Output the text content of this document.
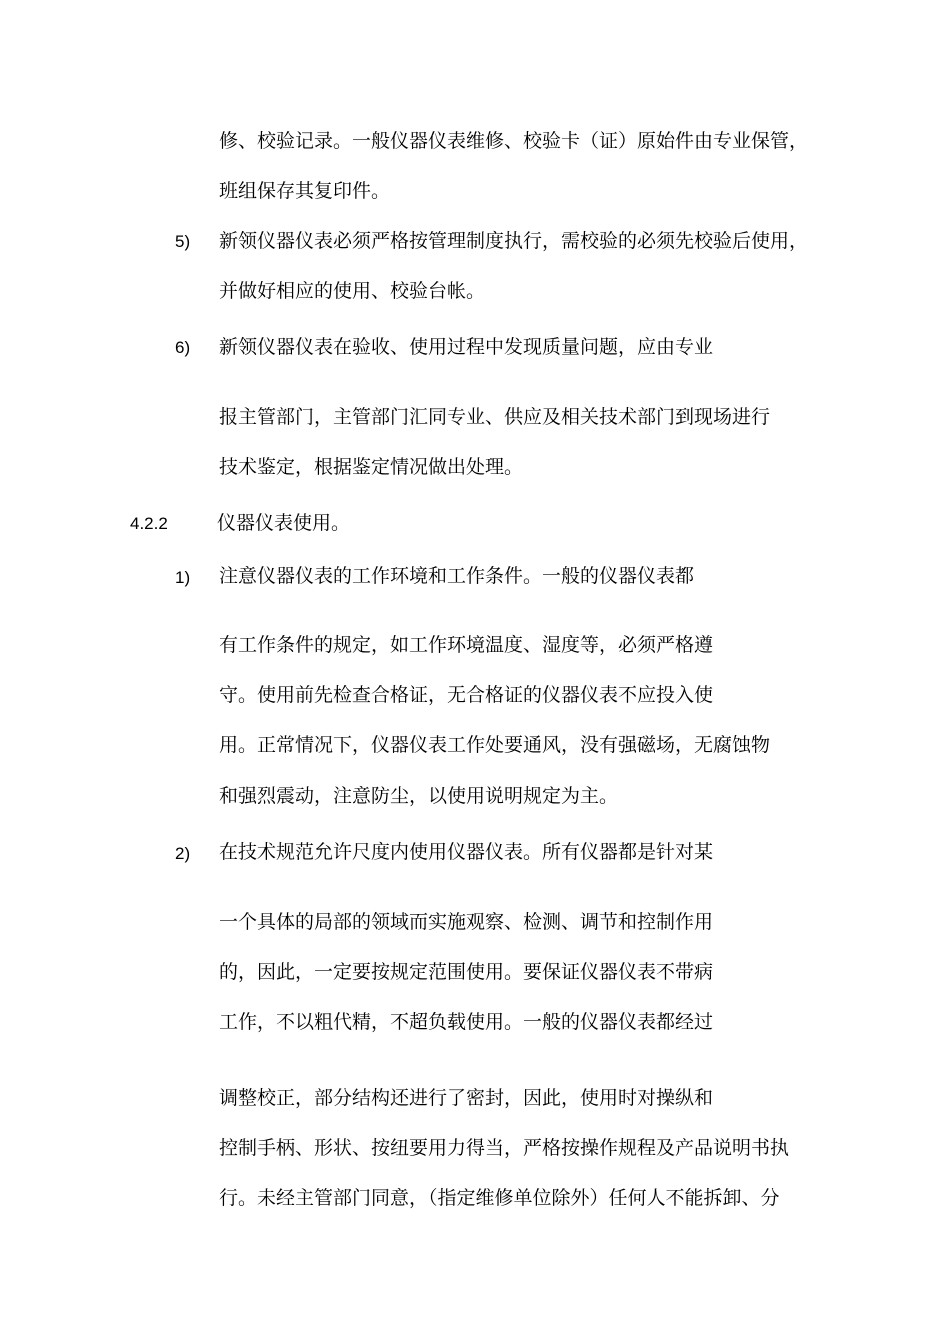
修、校验记录。一般仪器仪表维修、校验卡（证）原始件由专业保管，
班组保存其复印件。
5) 新领仪器仪表必须严格按管理制度执行，需校验的必须先校验后使用，
并做好相应的使用、校验台帐。
6) 新领仪器仪表在验收、使用过程中发现质量问题，应由专业
报主管部门，主管部门汇同专业、供应及相关技术部门到现场进行
技术鉴定，根据鉴定情况做出处理。
4.2.2	仪器仪表使用。
1) 注意仪器仪表的工作环境和工作条件。一般的仪器仪表都
有工作条件的规定，如工作环境温度、湿度等，必须严格遵
守。使用前先检查合格证，无合格证的仪器仪表不应投入使
用。正常情况下，仪器仪表工作处要通风，没有强磁场，无腐蚀物
和强烈震动，注意防尘，以使用说明规定为主。
2) 在技术规范允许尺度内使用仪器仪表。所有仪器都是针对某
一个具体的局部的领域而实施观察、检测、调节和控制作用
的，因此，一定要按规定范围使用。要保证仪器仪表不带病
工作，不以粗代精，不超负载使用。一般的仪器仪表都经过
调整校正，部分结构还进行了密封，因此，使用时对操纵和
控制手柄、形状、按纽要用力得当，严格按操作规程及产品说明书执
行。未经主管部门同意，（指定维修单位除外）任何人不能拆卸、分
